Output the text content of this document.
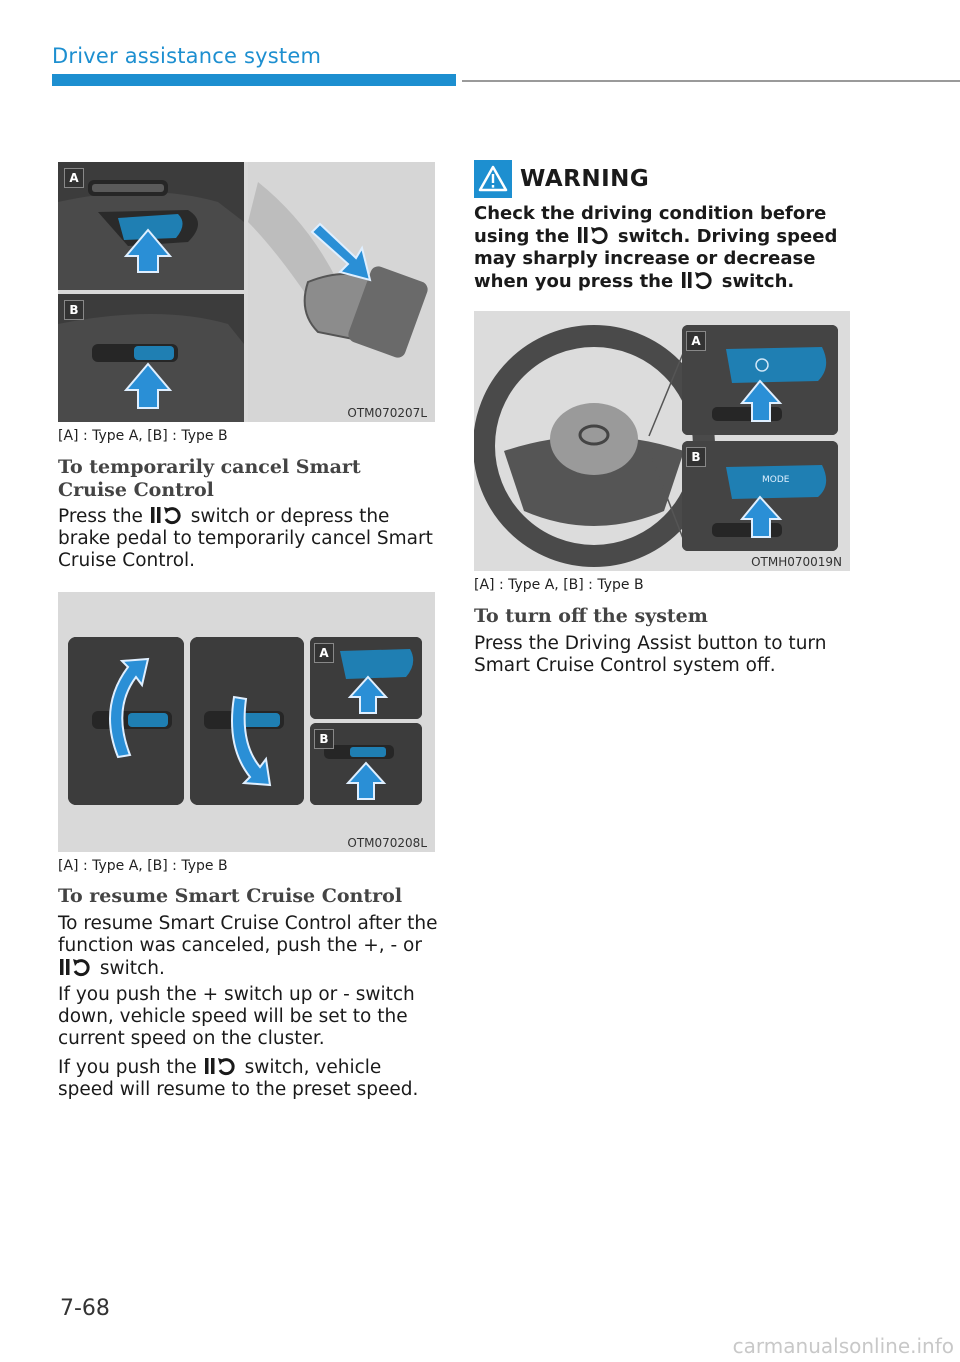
Driver assistance system
A
B
OTM070207L
[A] : Type A, [B] : Type B
To temporarily cancel Smart Cruise Control
Press the	switch or depress the brake pedal to temporarily cancel Smart Cruise Control.
A
B
OTM070208L
[A] : Type A, [B] : Type B
To resume Smart Cruise Control
To resume Smart Cruise Control after the function was canceled, push the +, - or  switch.
If you push the + switch up or - switch down, vehicle speed will be set to the current speed on the cluster.
If you push the	switch, vehicle speed will resume to the preset speed.
WARNING
Check the driving condition before using the	switch. Driving speed may sharply increase or decrease when you press the	switch.
A
MODE
B
OTMH070019N
[A] : Type A, [B] : Type B
To turn off the system
Press the Driving Assist button to turn Smart Cruise Control system off.
7-68
carmanualsonline.info
